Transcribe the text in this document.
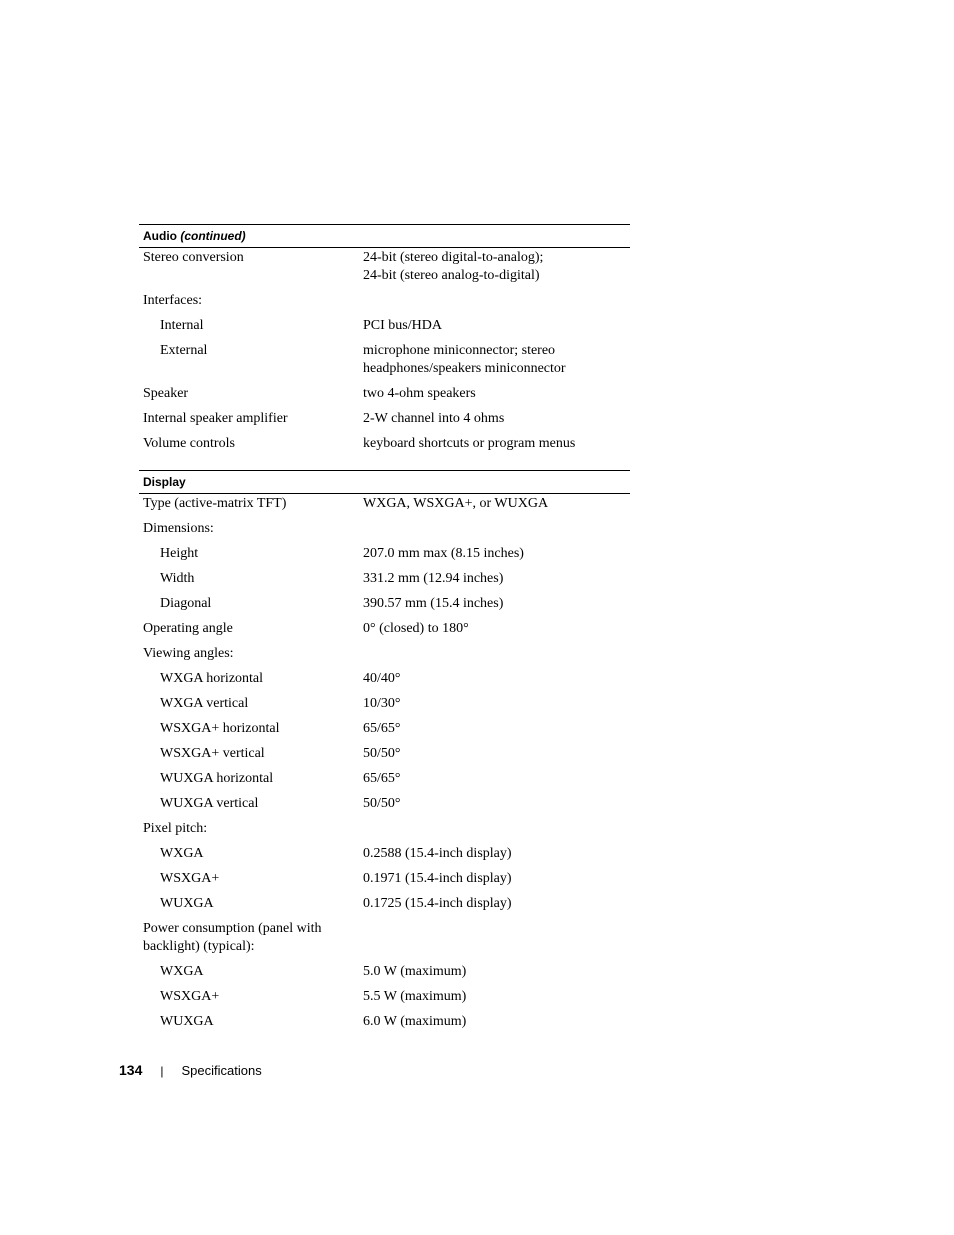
Audio (continued)
Stereo conversion	24-bit (stereo digital-to-analog);
24-bit (stereo analog-to-digital)
Interfaces:
Internal	PCI bus/HDA
External	microphone miniconnector; stereo
headphones/speakers miniconnector
Speaker	two 4-ohm speakers
Internal speaker amplifier	2-W channel into 4 ohms
Volume controls	keyboard shortcuts or program menus
Display
Type (active-matrix TFT)	WXGA, WSXGA+, or WUXGA
Dimensions:
Height	207.0 mm max (8.15 inches)
Width	331.2 mm (12.94 inches)
Diagonal	390.57 mm (15.4 inches)
Operating angle	0° (closed) to 180°
Viewing angles:
WXGA horizontal	40/40°
WXGA vertical	10/30°
WSXGA+ horizontal	65/65°
WSXGA+ vertical	50/50°
WUXGA horizontal	65/65°
WUXGA vertical	50/50°
Pixel pitch:
WXGA	0.2588 (15.4-inch display)
WSXGA+	0.1971 (15.4-inch display)
WUXGA	0.1725 (15.4-inch display)
Power consumption (panel with
backlight) (typical):
WXGA	5.0 W (maximum)
WSXGA+	5.5 W (maximum)
WUXGA	6.0 W (maximum)
134 | Specifications
